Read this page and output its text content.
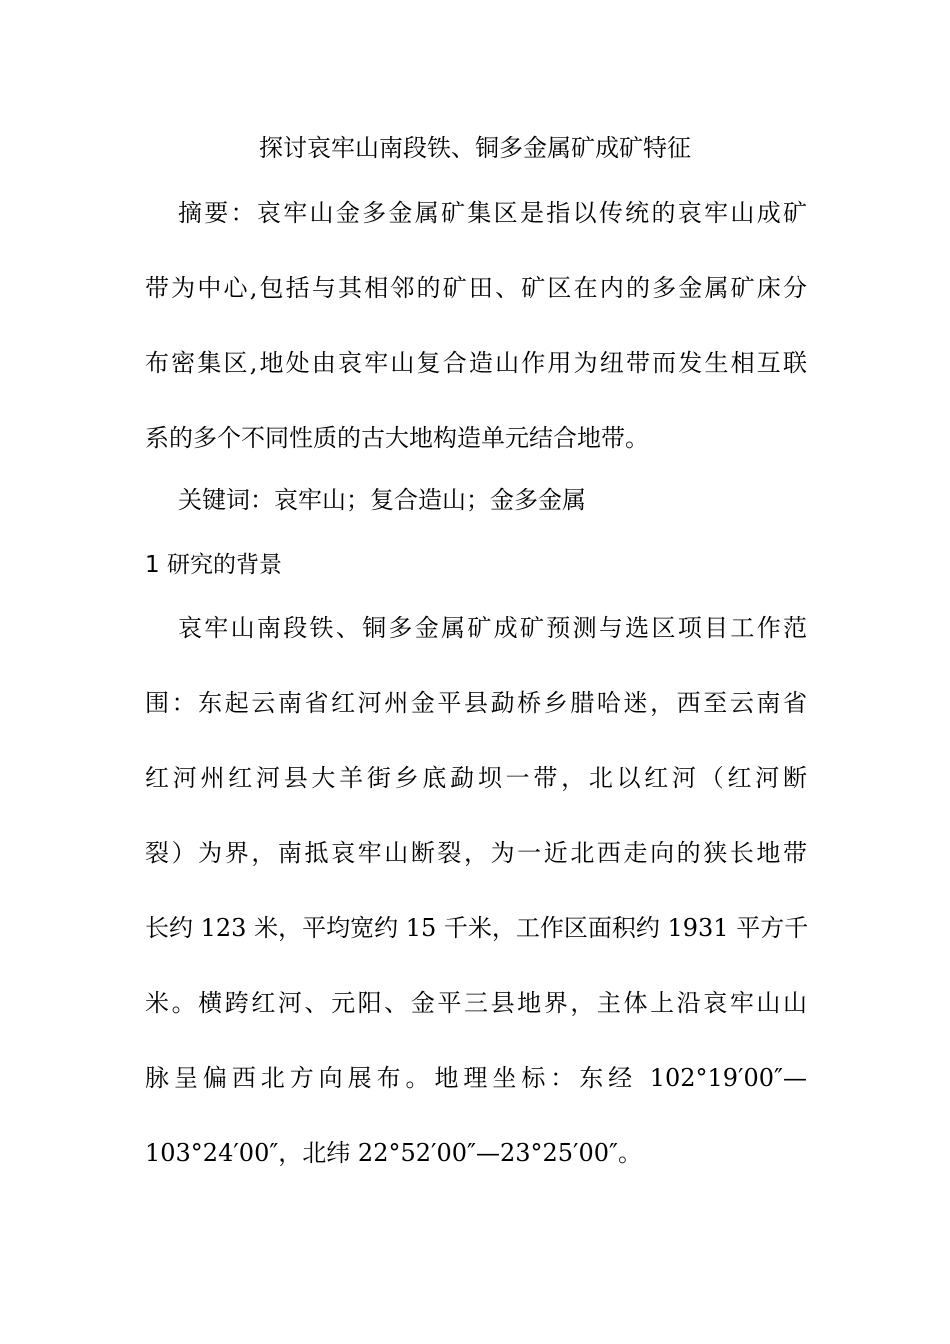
探讨哀牢山南段铁、铜多金属矿成矿特征
摘要：哀牢山金多金属矿集区是指以传统的哀牢山成矿
带为中心,包括与其相邻的矿田、矿区在内的多金属矿床分
布密集区,地处由哀牢山复合造山作用为纽带而发生相互联
系的多个不同性质的古大地构造单元结合地带。
关键词：哀牢山；复合造山；金多金属
1 研究的背景
哀牢山南段铁、铜多金属矿成矿预测与选区项目工作范
围：东起云南省红河州金平县勐桥乡腊哈迷，西至云南省
红河州红河县大羊街乡底勐坝一带，北以红河（红河断
裂）为界，南抵哀牢山断裂，为一近北西走向的狭长地带
长约 123 米，平均宽约 15 千米，工作区面积约 1931 平方千
米。横跨红河、元阳、金平三县地界，主体上沿哀牢山山
脉呈偏西北方向展布。地理坐标：东经 102°19′00″—
103°24′00″，北纬 22°52′00″—23°25′00″。
